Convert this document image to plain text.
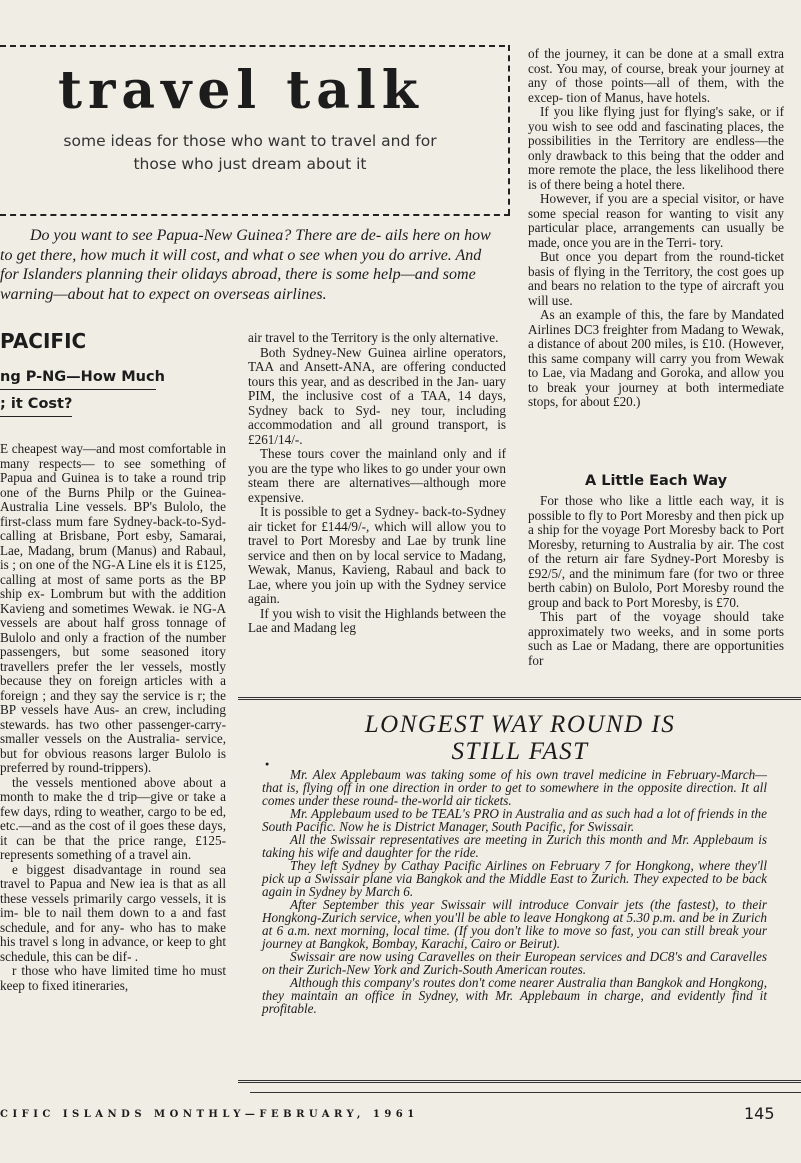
travel talk
some ideas for those who want to travel and for those who just dream about it
Do you want to see Papua-New Guinea? There are de- ails here on how to get there, how much it will cost, and what o see when you do arrive. And for Islanders planning their olidays abroad, there is some help—and some warning—about hat to expect on overseas airlines.
PACIFIC
ng P-NG—How Much
; it Cost?

E cheapest way—and most comfortable in many respects— to see something of Papua and Guinea is to take a round trip one of the Burns Philp or the Guinea-Australia Line vessels. BP's Bulolo, the first-class mum fare Sydney-back-to-Syd- calling at Brisbane, Port esby, Samarai, Lae, Madang, brum (Manus) and Rabaul, is ; on one of the NG-A Line els it is £125, calling at most of same ports as the BP ship ex- Lombrum but with the addition Kavieng and sometimes Wewak. ie NG-A vessels are about half gross tonnage of Bulolo and only a fraction of the number passengers, but some seasoned itory travellers prefer the ler vessels, mostly because they on foreign articles with a foreign ; and they say the service is r; the BP vessels have Aus- an crew, including stewards. has two other passenger-carry- smaller vessels on the Australia- service, but for obvious reasons larger Bulolo is preferred by round-trippers).

the vessels mentioned above about a month to make the d trip—give or take a few days, rding to weather, cargo to be ed, etc.—and as the cost of il goes these days, it can be that the price range, £125- represents something of a travel ain.

e biggest disadvantage in round sea travel to Papua and New iea is that as all these vessels primarily cargo vessels, it is im- ble to nail them down to a and fast schedule, and for any- who has to make his travel s long in advance, or keep to ght schedule, this can be dif- .

r those who have limited time ho must keep to fixed itineraries,

air travel to the Territory is the only alternative.

Both Sydney-New Guinea airline operators, TAA and Ansett-ANA, are offering conducted tours this year, and as described in the Jan- uary PIM, the inclusive cost of a TAA, 14 days, Sydney back to Syd- ney tour, including accommodation and all ground transport, is £261/14/-.

These tours cover the mainland only and if you are the type who likes to go under your own steam there are alternatives—although more expensive.

It is possible to get a Sydney- back-to-Sydney air ticket for £144/9/-, which will allow you to travel to Port Moresby and Lae by trunk line service and then on by local service to Madang, Wewak, Manus, Kavieng, Rabaul and back to Lae, where you join up with the Sydney service again.

If you wish to visit the Highlands between the Lae and Madang leg

of the journey, it can be done at a small extra cost. You may, of course, break your journey at any of those points—all of them, with the excep- tion of Manus, have hotels.

If you like flying just for flying's sake, or if you wish to see odd and fascinating places, the possibilities in the Territory are endless—the only drawback to this being that the odder and more remote the place, the less likelihood there is of there being a hotel there.

However, if you are a special visitor, or have some special reason for wanting to visit any particular place, arrangements can usually be made, once you are in the Terri- tory.

But once you depart from the round-ticket basis of flying in the Territory, the cost goes up and bears no relation to the type of aircraft you will use.

As an example of this, the fare by Mandated Airlines DC3 freighter from Madang to Wewak, a distance of about 200 miles, is £10. (However, this same company will carry you from Wewak to Lae, via Madang and Goroka, and allow you to break your journey at both intermediate stops, for about £20.)

A Little Each Way

For those who like a little each way, it is possible to fly to Port Moresby and then pick up a ship for the voyage Port Moresby back to Port Moresby, returning to Australia by air. The cost of the return air fare Sydney-Port Moresby is £92/5/, and the minimum fare (for two or three berth cabin) on Bulolo, Port Moresby round the group and back to Port Moresby, is £70.

This part of the voyage should take approximately two weeks, and in some ports such as Lae or Madang, there are opportunities for

LONGEST WAY ROUND IS
STILL FAST
●

Mr. Alex Applebaum was taking some of his own travel medicine in February-March—that is, flying off in one direction in order to get to somewhere in the opposite direction. It all comes under these round- the-world air tickets.

Mr. Applebaum used to be TEAL's PRO in Australia and as such had a lot of friends in the South Pacific. Now he is District Manager, South Pacific, for Swissair.

All the Swissair representatives are meeting in Zurich this month and Mr. Applebaum is taking his wife and daughter for the ride.

They left Sydney by Cathay Pacific Airlines on February 7 for Hongkong, where they'll pick up a Swissair plane via Bangkok and the Middle East to Zurich. They expected to be back again in Sydney by March 6.

After September this year Swissair will introduce Convair jets (the fastest), to their Hongkong-Zurich service, when you'll be able to leave Hongkong at 5.30 p.m. and be in Zurich at 6 a.m. next morning, local time. (If you don't like to move so fast, you can still break your journey at Bangkok, Bombay, Karachi, Cairo or Beirut).

Swissair are now using Caravelles on their European services and DC8's and Caravelles on their Zurich-New York and Zurich-South American routes.

Although this company's routes don't come nearer Australia than Bangkok and Hongkong, they maintain an office in Sydney, with Mr. Applebaum in charge, and evidently find it profitable.

CIFIC ISLANDS MONTHLY—FEBRUARY, 1961	145
